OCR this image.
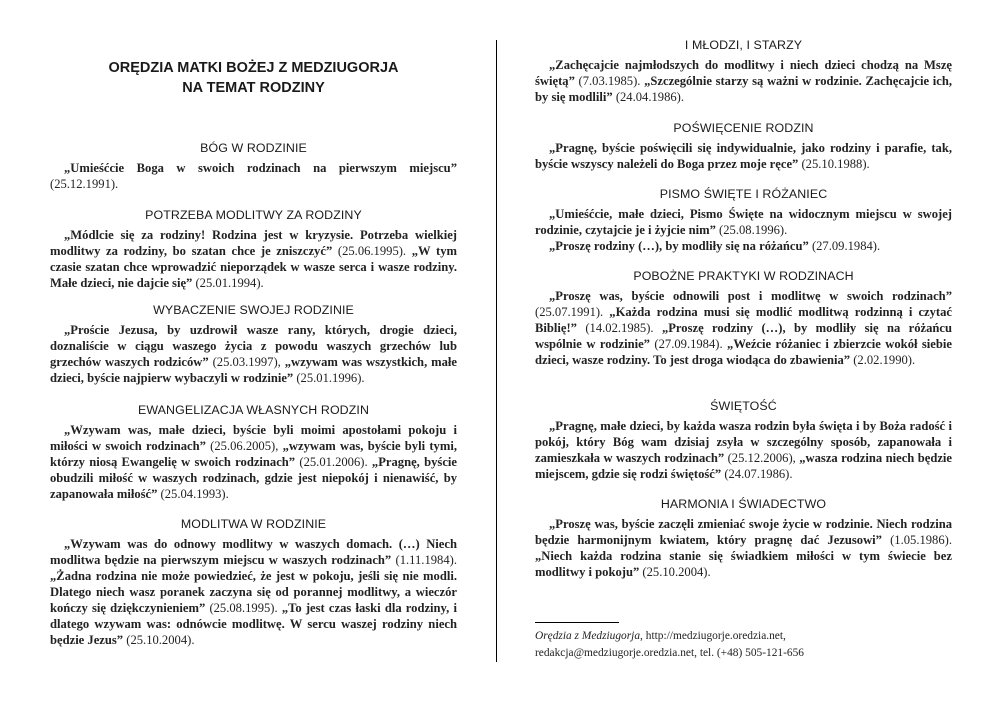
ORĘDZIA MATKI BOŻEJ Z MEDZIUGORJA
NA TEMAT RODZINY
BÓG W RODZINIE

„Umieśćcie Boga w swoich rodzinach na pierwszym miejscu” (25.12.1991).

POTRZEBA MODLITWY ZA RODZINY

„Módlcie się za rodziny! Rodzina jest w kryzysie. Potrzeba wielkiej modlitwy za rodziny, bo szatan chce je zniszczyć” (25.06.1995). „W tym czasie szatan chce wprowadzić nieporządek w wasze serca i wasze rodziny. Małe dzieci, nie dajcie się” (25.01.1994).

WYBACZENIE SWOJEJ RODZINIE

„Proście Jezusa, by uzdrowił wasze rany, których, drogie dzieci, doznaliście w ciągu waszego życia z powodu waszych grzechów lub grzechów waszych rodziców” (25.03.1997), „wzywam was wszystkich, małe dzieci, byście najpierw wybaczyli w rodzinie” (25.01.1996).

EWANGELIZACJA WŁASNYCH RODZIN

„Wzywam was, małe dzieci, byście byli moimi apostołami pokoju i miłości w swoich rodzinach” (25.06.2005), „wzywam was, byście byli tymi, którzy niosą Ewangelię w swoich rodzinach” (25.01.2006). „Pragnę, byście obudzili miłość w waszych rodzinach, gdzie jest niepokój i nienawiść, by zapanowała miłość” (25.04.1993).

MODLITWA W RODZINIE

„Wzywam was do odnowy modlitwy w waszych domach. (…) Niech modlitwa będzie na pierwszym miejscu w waszych rodzinach” (1.11.1984). „Żadna rodzina nie może powiedzieć, że jest w pokoju, jeśli się nie modli. Dlatego niech wasz poranek zaczyna się od porannej modlitwy, a wieczór kończy się dziękczynieniem” (25.08.1995). „To jest czas łaski dla rodziny, i dlatego wzywam was: odnówcie modlitwę. W sercu waszej rodziny niech będzie Jezus” (25.10.2004).

I MŁODZI, I STARZY

„Zachęcajcie najmłodszych do modlitwy i niech dzieci chodzą na Mszę świętą” (7.03.1985). „Szczególnie starzy są ważni w rodzinie. Zachęcajcie ich, by się modlili” (24.04.1986).

POŚWIĘCENIE RODZIN

„Pragnę, byście poświęcili się indywidualnie, jako rodziny i parafie, tak, byście wszyscy należeli do Boga przez moje ręce” (25.10.1988).

PISMO ŚWIĘTE I RÓŻANIEC

„Umieśćcie, małe dzieci, Pismo Święte na widocznym miejscu w swojej rodzinie, czytajcie je i żyjcie nim” (25.08.1996).

„Proszę rodziny (…), by modliły się na różańcu” (27.09.1984).

POBOŻNE PRAKTYKI W RODZINACH

„Proszę was, byście odnowili post i modlitwę w swoich rodzinach” (25.07.1991). „Każda rodzina musi się modlić modlitwą rodzinną i czytać Biblię!” (14.02.1985). „Proszę rodziny (…), by modliły się na różańcu wspólnie w rodzinie” (27.09.1984). „Weźcie różaniec i zbierzcie wokół siebie dzieci, wasze rodziny. To jest droga wiodąca do zbawienia” (2.02.1990).

ŚWIĘTOŚĆ

„Pragnę, małe dzieci, by każda wasza rodzin była święta i by Boża radość i pokój, który Bóg wam dzisiaj zsyła w szczególny sposób, zapanowała i zamieszkała w waszych rodzinach” (25.12.2006), „wasza rodzina niech będzie miejscem, gdzie się rodzi świętość” (24.07.1986).

HARMONIA I ŚWIADECTWO

„Proszę was, byście zaczęli zmieniać swoje życie w rodzinie. Niech rodzina będzie harmonijnym kwiatem, który pragnę dać Jezusowi” (1.05.1986). „Niech każda rodzina stanie się świadkiem miłości w tym świecie bez modlitwy i pokoju” (25.10.2004).

Orędzia z Medziugorja, http://medziugorje.oredzia.net,
redakcja@medziugorje.oredzia.net, tel. (+48) 505-121-656
